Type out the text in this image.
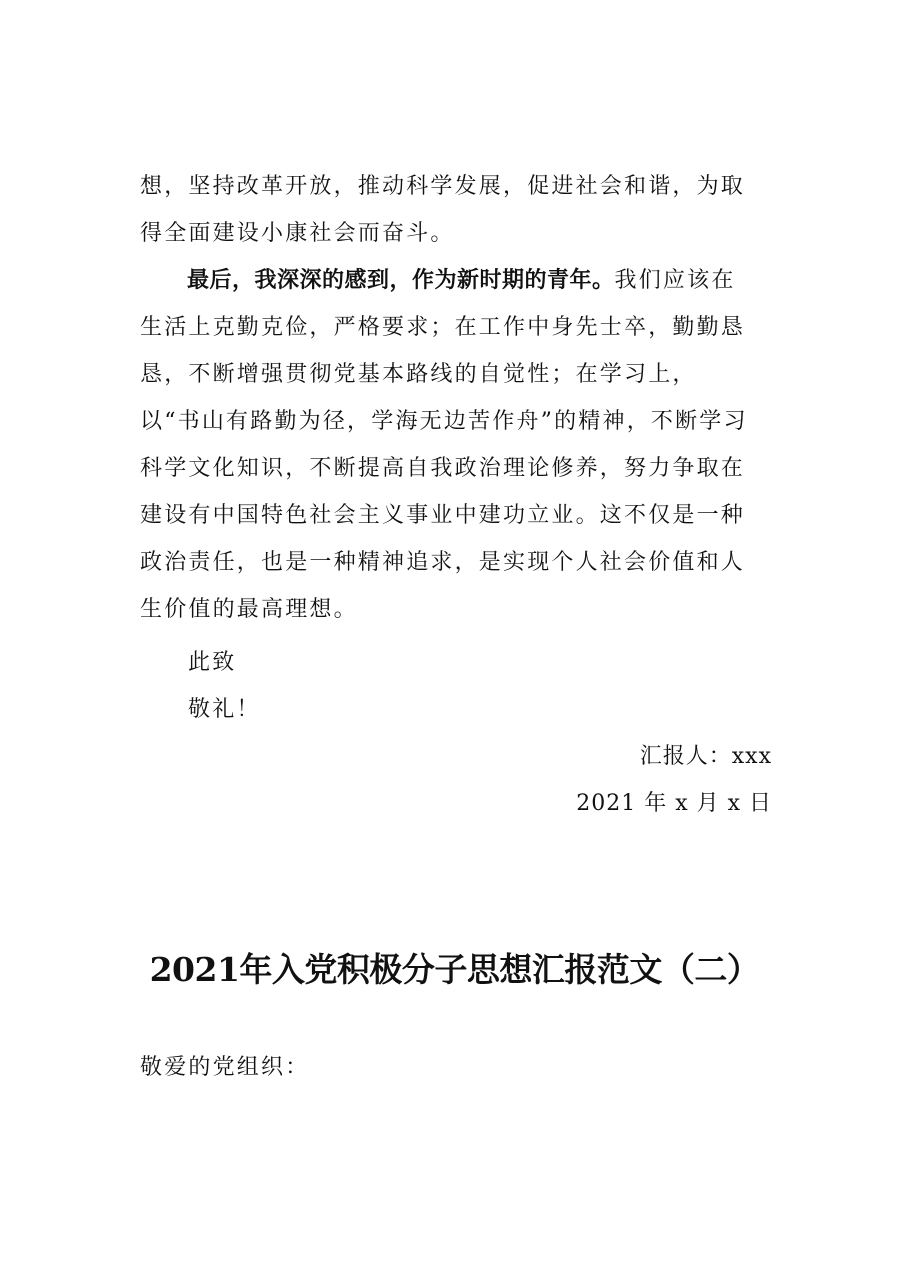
想，坚持改革开放，推动科学发展，促进社会和谐，为取得全面建设小康社会而奋斗。

最后，我深深的感到，作为新时期的青年。我们应该在生活上克勤克俭，严格要求；在工作中身先士卒，勤勤恳恳，不断增强贯彻党基本路线的自觉性；在学习上，以“书山有路勤为径，学海无边苦作舟”的精神，不断学习科学文化知识，不断提高自我政治理论修养，努力争取在建设有中国特色社会主义事业中建功立业。这不仅是一种政治责任，也是一种精神追求，是实现个人社会价值和人生价值的最高理想。

此致

敬礼！

汇报人：xxx

2021 年 x 月 x 日

2021年入党积极分子思想汇报范文（二）

敬爱的党组织：
